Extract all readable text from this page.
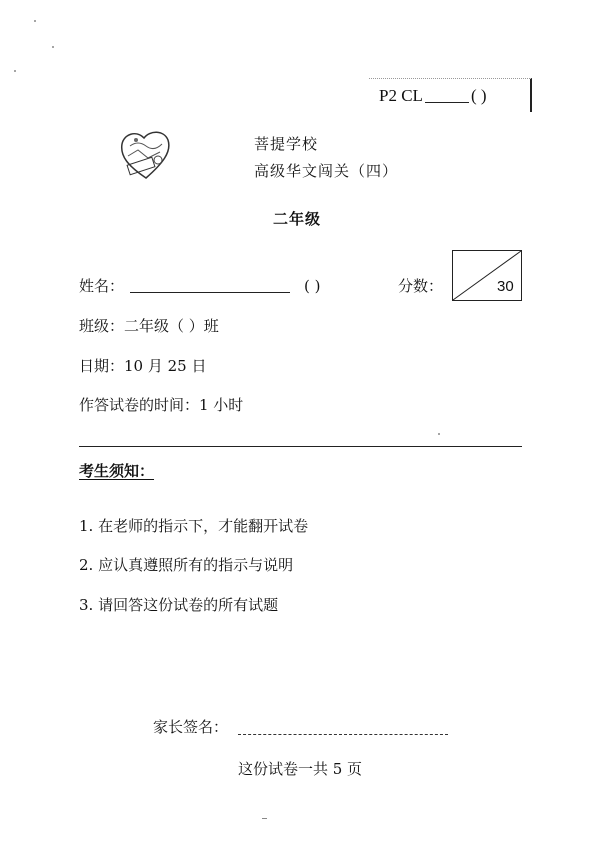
P2 CL	( )
菩提学校
高级华文闯关（四）
二年级
姓名：	( )	分数：	30
班级：二年级（ ）班
日期：10 月 25 日
作答试卷的时间：1 小时
考生须知：
1. 在老师的指示下，才能翻开试卷
2. 应认真遵照所有的指示与说明
3. 请回答这份试卷的所有试题
家长签名：
这份试卷一共 5 页
